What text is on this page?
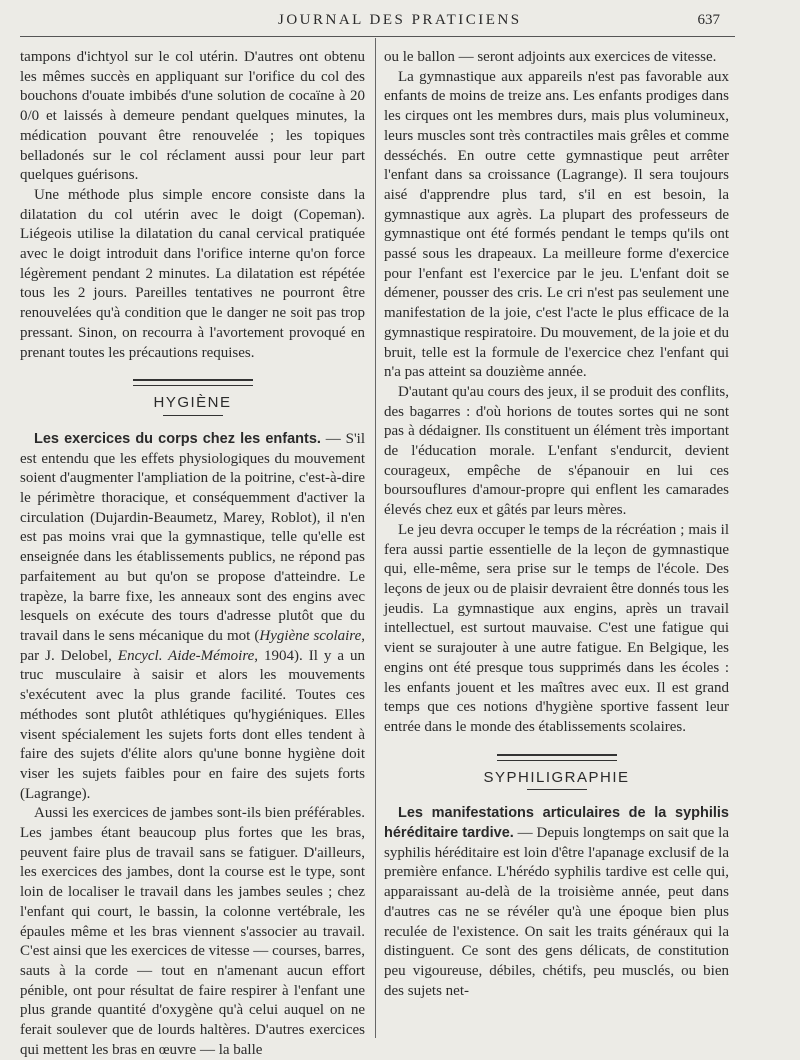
JOURNAL DES PRATICIENS	637

tampons d'ichtyol sur le col utérin. D'autres ont obtenu les mêmes succès en appliquant sur l'orifice du col des bouchons d'ouate imbibés d'une solution de cocaïne à 20 0/0 et laissés à demeure pendant quelques minutes, la médication pouvant être renouvelée ; les topiques belladonés sur le col réclament aussi pour leur part quelques guérisons.

Une méthode plus simple encore consiste dans la dilatation du col utérin avec le doigt (Copeman). Liégeois utilise la dilatation du canal cervical pratiquée avec le doigt introduit dans l'orifice interne qu'on force légèrement pendant 2 minutes. La dilatation est répétée tous les 2 jours. Pareilles tentatives ne pourront être renouvelées qu'à condition que le danger ne soit pas trop pressant. Sinon, on recourra à l'avortement provoqué en prenant toutes les précautions requises.

HYGIÈNE

Les exercices du corps chez les enfants. — S'il est entendu que les effets physiologiques du mouvement soient d'augmenter l'ampliation de la poitrine, c'est-à-dire le périmètre thoracique, et conséquemment d'activer la circulation (Dujardin-Beaumetz, Marey, Roblot), il n'en est pas moins vrai que la gymnastique, telle qu'elle est enseignée dans les établissements publics, ne répond pas parfaitement au but qu'on se propose d'atteindre. Le trapèze, la barre fixe, les anneaux sont des engins avec lesquels on exécute des tours d'adresse plutôt que du travail dans le sens mécanique du mot (Hygiène scolaire, par J. Delobel, Encycl. Aide-Mémoire, 1904). Il y a un truc musculaire à saisir et alors les mouvements s'exécutent avec la plus grande facilité. Toutes ces méthodes sont plutôt athlétiques qu'hygiéniques. Elles visent spécialement les sujets forts dont elles tendent à faire des sujets d'élite alors qu'une bonne hygiène doit viser les sujets faibles pour en faire des sujets forts (Lagrange).

Aussi les exercices de jambes sont-ils bien préférables. Les jambes étant beaucoup plus fortes que les bras, peuvent faire plus de travail sans se fatiguer. D'ailleurs, les exercices des jambes, dont la course est le type, sont loin de localiser le travail dans les jambes seules ; chez l'enfant qui court, le bassin, la colonne vertébrale, les épaules même et les bras viennent s'associer au travail. C'est ainsi que les exercices de vitesse — courses, barres, sauts à la corde — tout en n'amenant aucun effort pénible, ont pour résultat de faire respirer à l'enfant une plus grande quantité d'oxygène qu'à celui auquel on ne ferait soulever que de lourds haltères. D'autres exercices qui mettent les bras en œuvre — la balle

ou le ballon — seront adjoints aux exercices de vitesse.

La gymnastique aux appareils n'est pas favorable aux enfants de moins de treize ans. Les enfants prodiges dans les cirques ont les membres durs, mais plus volumineux, leurs muscles sont très contractiles mais grêles et comme desséchés. En outre cette gymnastique peut arrêter l'enfant dans sa croissance (Lagrange). Il sera toujours aisé d'apprendre plus tard, s'il en est besoin, la gymnastique aux agrès. La plupart des professeurs de gymnastique ont été formés pendant le temps qu'ils ont passé sous les drapeaux. La meilleure forme d'exercice pour l'enfant est l'exercice par le jeu. L'enfant doit se démener, pousser des cris. Le cri n'est pas seulement une manifestation de la joie, c'est l'acte le plus efficace de la gymnastique respiratoire. Du mouvement, de la joie et du bruit, telle est la formule de l'exercice chez l'enfant qui n'a pas atteint sa douzième année.

D'autant qu'au cours des jeux, il se produit des conflits, des bagarres : d'où horions de toutes sortes qui ne sont pas à dédaigner. Ils constituent un élément très important de l'éducation morale. L'enfant s'endurcit, devient courageux, empêche de s'épanouir en lui ces boursouflures d'amour-propre qui enflent les camarades élevés chez eux et gâtés par leurs mères.

Le jeu devra occuper le temps de la récréation ; mais il fera aussi partie essentielle de la leçon de gymnastique qui, elle-même, sera prise sur le temps de l'école. Des leçons de jeux ou de plaisir devraient être donnés tous les jeudis. La gymnastique aux engins, après un travail intellectuel, est surtout mauvaise. C'est une fatigue qui vient se surajouter à une autre fatigue. En Belgique, les engins ont été presque tous supprimés dans les écoles : les enfants jouent et les maîtres avec eux. Il est grand temps que ces notions d'hygiène sportive fassent leur entrée dans le monde des établissements scolaires.

SYPHILIGRAPHIE

Les manifestations articulaires de la syphilis héréditaire tardive. — Depuis longtemps on sait que la syphilis héréditaire est loin d'être l'apanage exclusif de la première enfance. L'hérédo syphilis tardive est celle qui, apparaissant au-delà de la troisième année, peut dans d'autres cas ne se révéler qu'à une époque bien plus reculée de l'existence. On sait les traits généraux qui la distinguent. Ce sont des gens délicats, de constitution peu vigoureuse, débiles, chétifs, peu musclés, ou bien des sujets net-
